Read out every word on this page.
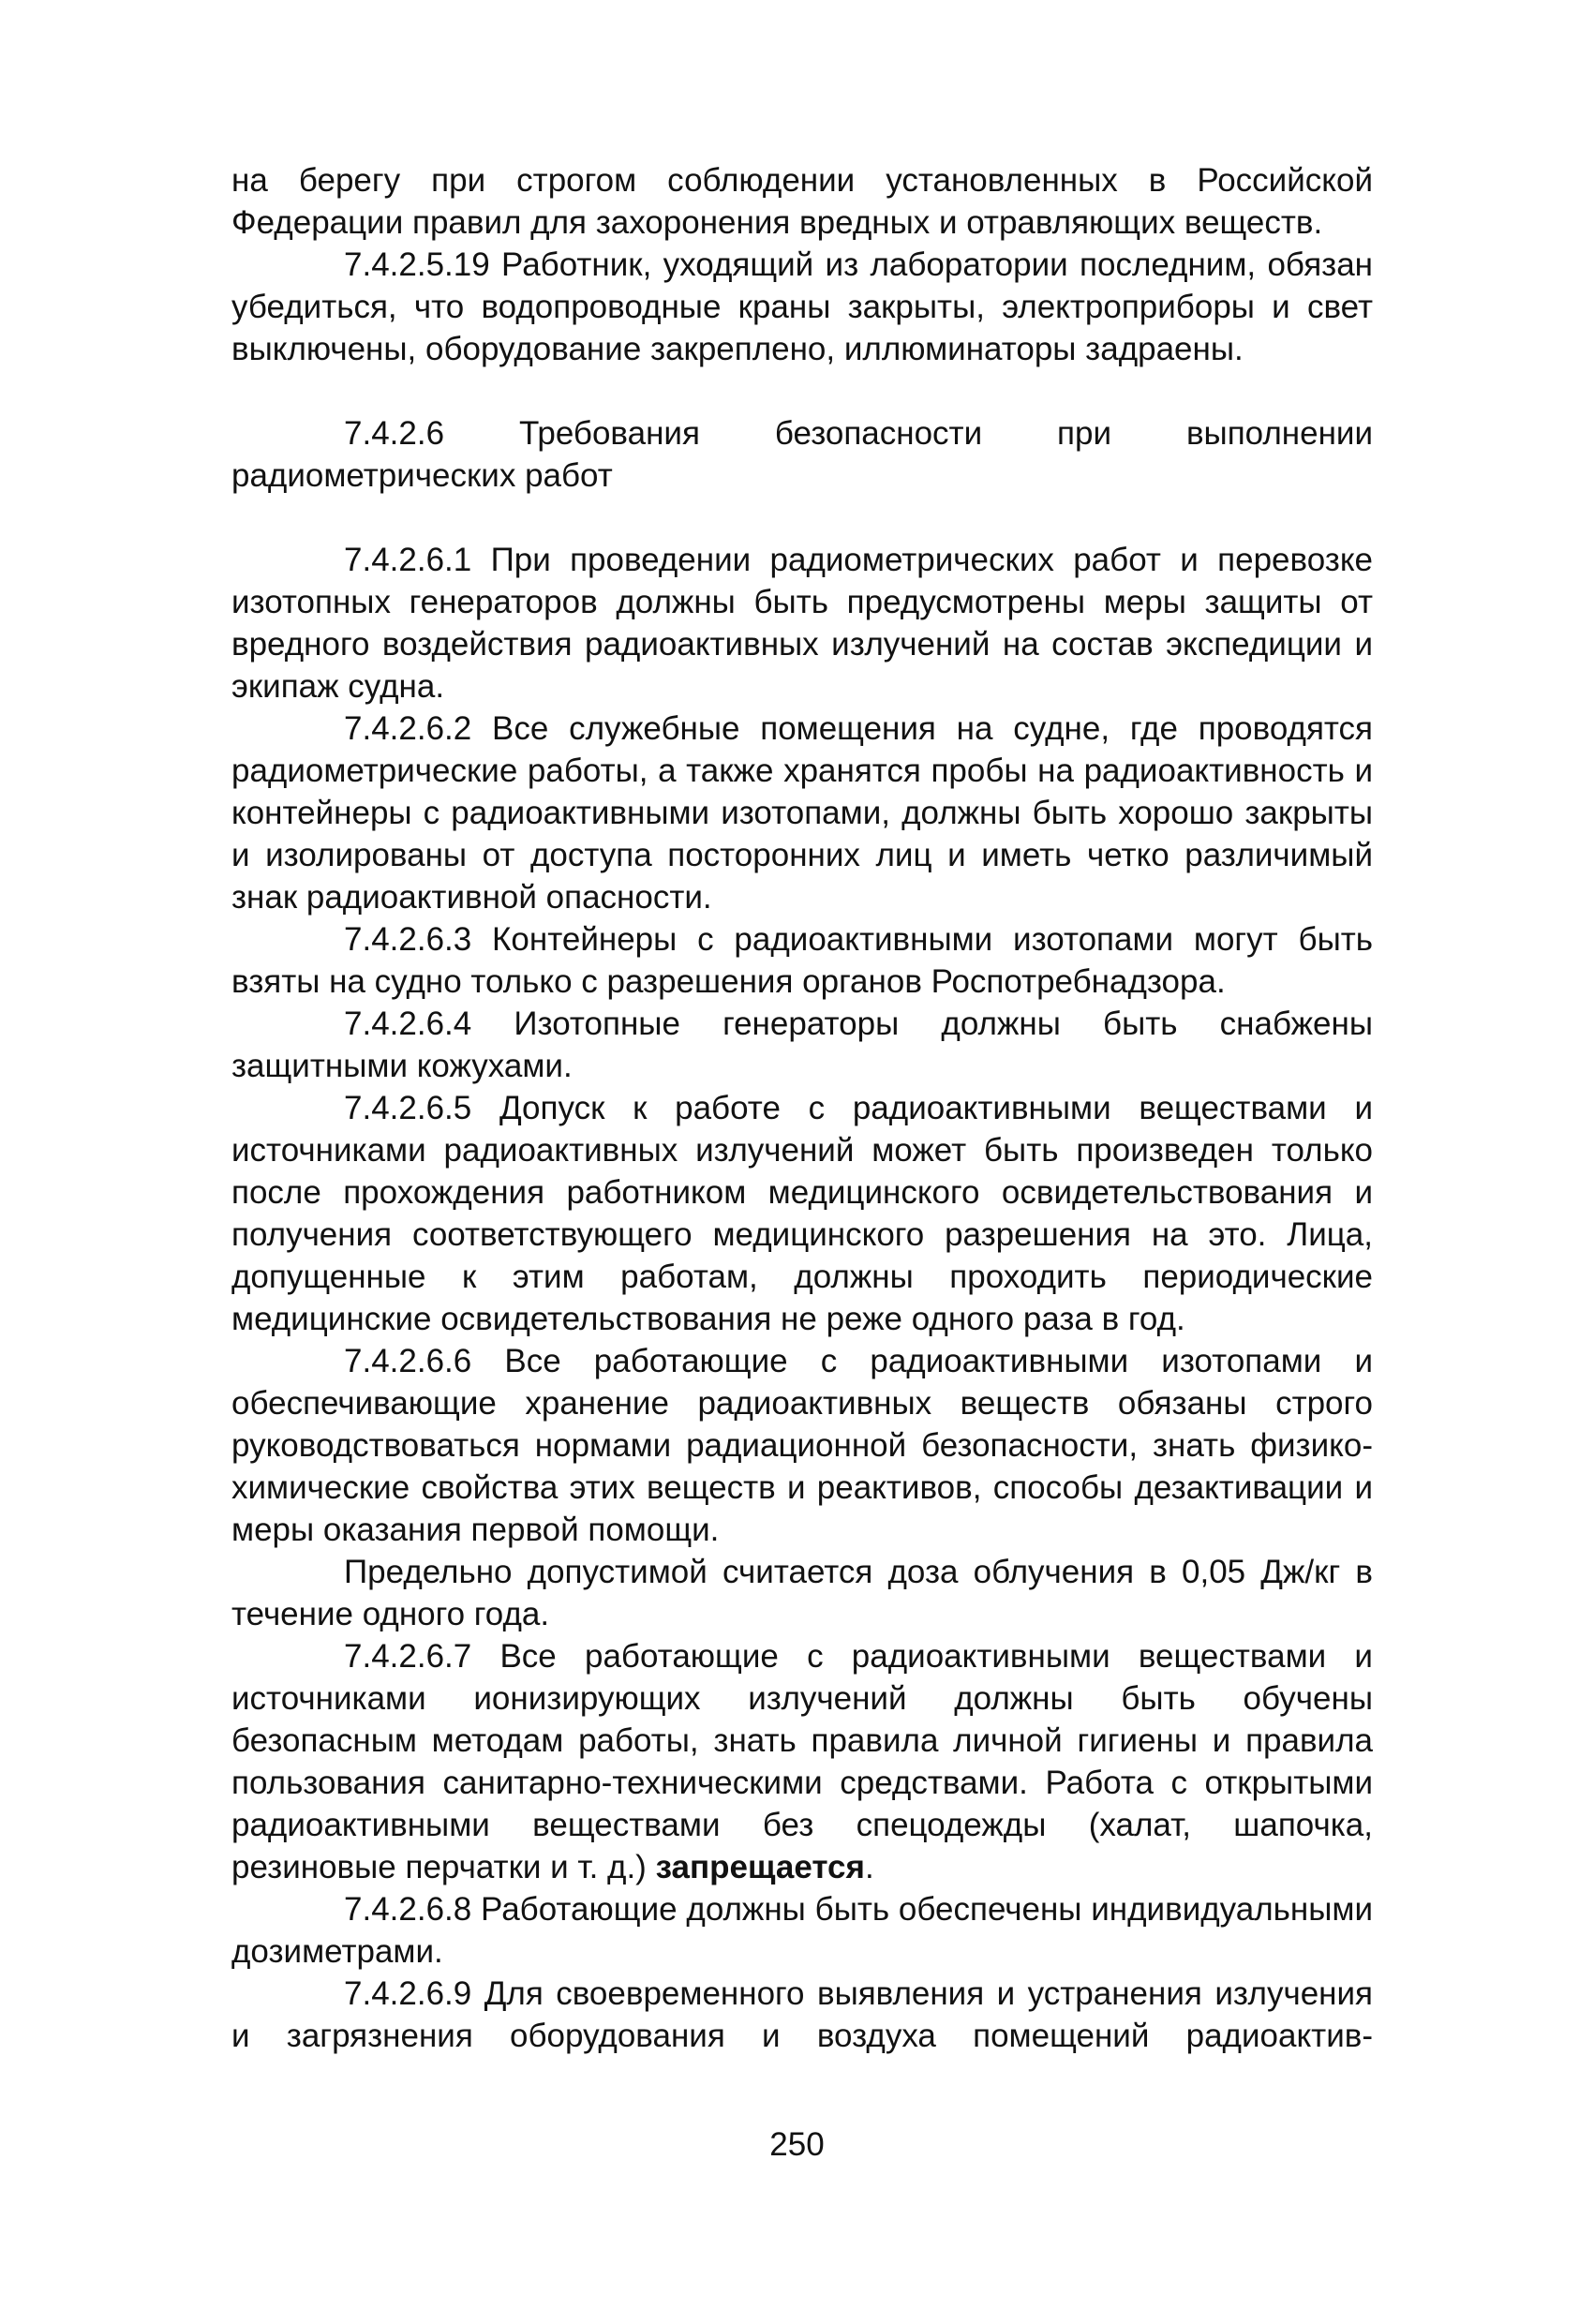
на берегу при строгом соблюдении установленных в Российской Федерации правил для захоронения вредных и отравляющих веществ.

7.4.2.5.19 Работник, уходящий из лаборатории последним, обязан убедиться, что водопроводные краны закрыты, электроприборы и свет выключены, оборудование закреплено, иллюминаторы задраены.

7.4.2.6 Требования безопасности при выполнении радиометрических работ

7.4.2.6.1 При проведении радиометрических работ и перевозке изотопных генераторов должны быть предусмотрены меры защиты от вредного воздействия радиоактивных излучений на состав экспедиции и экипаж судна.

7.4.2.6.2 Все служебные помещения на судне, где проводятся радиометрические работы, а также хранятся пробы на радиоактивность и контейнеры с радиоактивными изотопами, должны быть хорошо закрыты и изолированы от доступа посторонних лиц и иметь четко различимый знак радиоактивной опасности.

7.4.2.6.3 Контейнеры с радиоактивными изотопами могут быть взяты на судно только с разрешения органов Роспотребнадзора.

7.4.2.6.4 Изотопные генераторы должны быть снабжены защитными кожухами.

7.4.2.6.5 Допуск к работе с радиоактивными веществами и источниками радиоактивных излучений может быть произведен только после прохождения работником медицинского освидетельствования и получения соответствующего медицинского разрешения на это. Лица, допущенные к этим работам, должны проходить периодические медицинские освидетельствования не реже одного раза в год.

7.4.2.6.6 Все работающие с радиоактивными изотопами и обеспечивающие хранение радиоактивных веществ обязаны строго руководствоваться нормами радиационной безопасности, знать физико-химические свойства этих веществ и реактивов, способы дезактивации и меры оказания первой помощи.

Предельно допустимой считается доза облучения в 0,05 Дж/кг в течение одного года.

7.4.2.6.7 Все работающие с радиоактивными веществами и источниками ионизирующих излучений должны быть обучены безопасным методам работы, знать правила личной гигиены и правила пользования санитарно-техническими средствами. Работа с открытыми радиоактивными веществами без спецодежды (халат, шапочка, резиновые перчатки и т. д.) запрещается.

7.4.2.6.8 Работающие должны быть обеспечены индивидуальными дозиметрами.

7.4.2.6.9 Для своевременного выявления и устранения излучения и загрязнения оборудования и воздуха помещений радиоактив-

250
